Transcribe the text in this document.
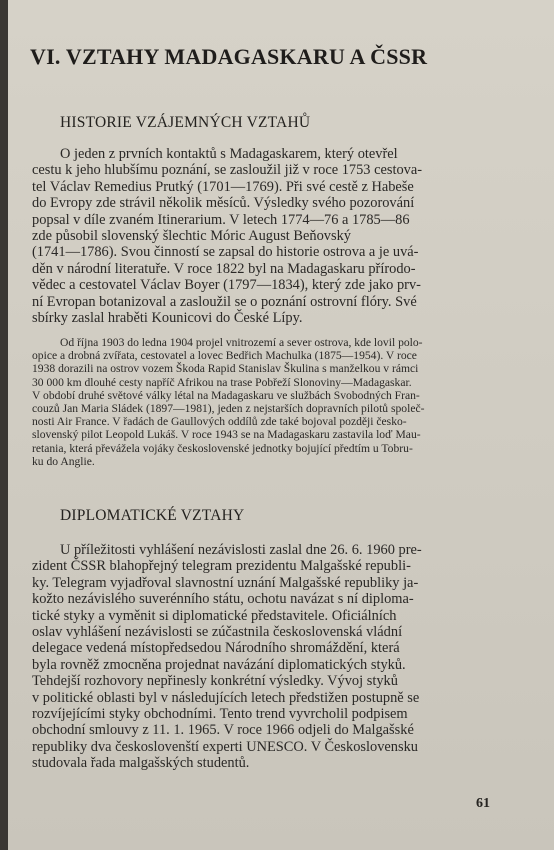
VI. VZTAHY MADAGASKARU A ČSSR
HISTORIE VZÁJEMNÝCH VZTAHŮ
O jeden z prvních kontaktů s Madagaskarem, který otevřel
cestu k jeho hlubšímu poznání, se zasloužil již v roce 1753 cestova-
tel Václav Remedius Prutký (1701—1769). Při své cestě z Habeše
do Evropy zde strávil několik měsíců. Výsledky svého pozorování
popsal v díle zvaném Itinerarium. V letech 1774—76 a 1785—86
zde působil slovenský šlechtic Móric August Beňovský
(1741—1786). Svou činností se zapsal do historie ostrova a je uvá-
děn v národní literatuře. V roce 1822 byl na Madagaskaru přírodo-
vědec a cestovatel Václav Boyer (1797—1834), který zde jako prv-
ní Evropan botanizoval a zasloužil se o poznání ostrovní flóry. Své
sbírky zaslal hraběti Kounicovi do České Lípy.
Od října 1903 do ledna 1904 projel vnitrozemí a sever ostrova, kde lovil polo-
opice a drobná zvířata, cestovatel a lovec Bedřich Machulka (1875—1954). V roce
1938 dorazili na ostrov vozem Škoda Rapid Stanislav Škulina s manželkou v rámci
30 000 km dlouhé cesty napříč Afrikou na trase Pobřeží Slonoviny—Madagaskar.
V období druhé světové války létal na Madagaskaru ve službách Svobodných Fran-
couzů Jan Maria Sládek (1897—1981), jeden z nejstarších dopravních pilotů společ-
nosti Air France. V řadách de Gaullových oddílů zde také bojoval později česko-
slovenský pilot Leopold Lukáš. V roce 1943 se na Madagaskaru zastavila loď Mau-
retania, která převážela vojáky československé jednotky bojující předtím u Tobru-
ku do Anglie.
DIPLOMATICKÉ VZTAHY
U příležitosti vyhlášení nezávislosti zaslal dne 26. 6. 1960 pre-
zident ČSSR blahopřejný telegram prezidentu Malgašské republi-
ky. Telegram vyjadřoval slavnostní uznání Malgašské republiky ja-
kožto nezávislého suverénního státu, ochotu navázat s ní diploma-
tické styky a vyměnit si diplomatické představitele. Oficiálních
oslav vyhlášení nezávislosti se zúčastnila československá vládní
delegace vedená místopředsedou Národního shromáždění, která
byla rovněž zmocněna projednat navázání diplomatických styků.
Tehdejší rozhovory nepřinesly konkrétní výsledky. Vývoj styků
v politické oblasti byl v následujících letech předstižen postupně se
rozvíjejícími styky obchodními. Tento trend vyvrcholil podpisem
obchodní smlouvy z 11. 1. 1965. V roce 1966 odjeli do Malgašské
republiky dva českoslovenští experti UNESCO. V Československu
studovala řada malgašských studentů.
61
